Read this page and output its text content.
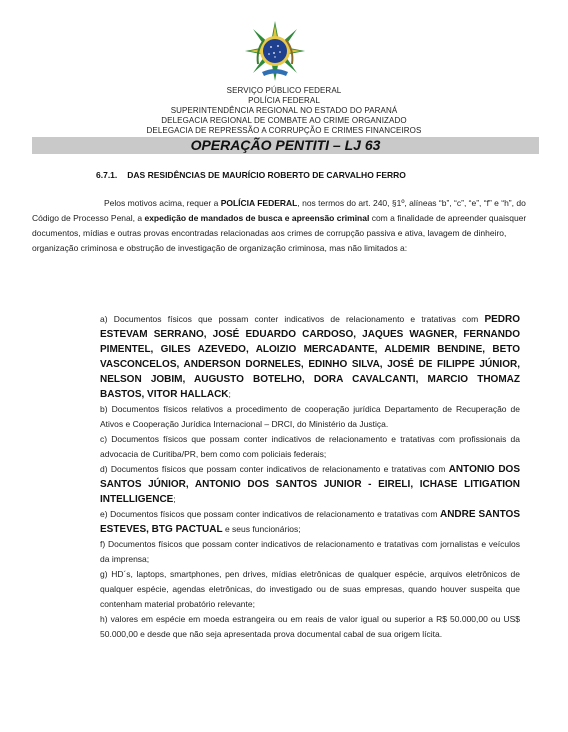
SERVIÇO PÚBLICO FEDERAL
POLÍCIA FEDERAL
SUPERINTENDÊNCIA REGIONAL NO ESTADO DO PARANÁ
DELEGACIA REGIONAL DE COMBATE AO CRIME ORGANIZADO
DELEGACIA DE REPRESSÃO A CORRUPÇÃO E CRIMES FINANCEIROS
OPERAÇÃO PENTITI – LJ 63
6.7.1. DAS RESIDÊNCIAS DE MAURÍCIO ROBERTO DE CARVALHO FERRO
Pelos motivos acima, requer a POLÍCIA FEDERAL, nos termos do art. 240, §1º, alíneas “b”, “c”, “e”, “f” e “h”, do Código de Processo Penal, a expedição de mandados de busca e apreensão criminal com a finalidade de apreender quaisquer documentos, mídias e outras provas encontradas relacionadas aos crimes de corrupção passiva e ativa, lavagem de dinheiro, organização criminosa e obstrução de investigação de organização criminosa, mas não limitados a:

a) Documentos físicos que possam conter indicativos de relacionamento e tratativas com PEDRO ESTEVAM SERRANO, JOSÉ EDUARDO CARDOSO, JAQUES WAGNER, FERNANDO PIMENTEL, GILES AZEVEDO, ALOIZIO MERCADANTE, ALDEMIR BENDINE, BETO VASCONCELOS, ANDERSON DORNELES, EDINHO SILVA, JOSÉ DE FILIPPE JÚNIOR, NELSON JOBIM, AUGUSTO BOTELHO, DORA CAVALCANTI, MARCIO THOMAZ BASTOS, VITOR HALLACK;

b) Documentos físicos relativos a procedimento de cooperação jurídica Departamento de Recuperação de Ativos e Cooperação Jurídica Internacional – DRCI, do Ministério da Justiça.

c) Documentos físicos que possam conter indicativos de relacionamento e tratativas com profissionais da advocacia de Curitiba/PR, bem como com policiais federais;

d) Documentos físicos que possam conter indicativos de relacionamento e tratativas com ANTONIO DOS SANTOS JÚNIOR, ANTONIO DOS SANTOS JUNIOR - EIRELI, ICHASE LITIGATION INTELLIGENCE;

e) Documentos físicos que possam conter indicativos de relacionamento e tratativas com ANDRE SANTOS ESTEVES, BTG PACTUAL e seus funcionários;

f) Documentos físicos que possam conter indicativos de relacionamento e tratativas com jornalistas e veículos da imprensa;

g) HD´s, laptops, smartphones, pen drives, mídias eletrônicas de qualquer espécie, arquivos eletrônicos de qualquer espécie, agendas eletrônicas, do investigado ou de suas empresas, quando houver suspeita que contenham material probatório relevante;

h) valores em espécie em moeda estrangeira ou em reais de valor igual ou superior a R$ 50.000,00 ou US$ 50.000,00 e desde que não seja apresentada prova documental cabal de sua origem lícita.
